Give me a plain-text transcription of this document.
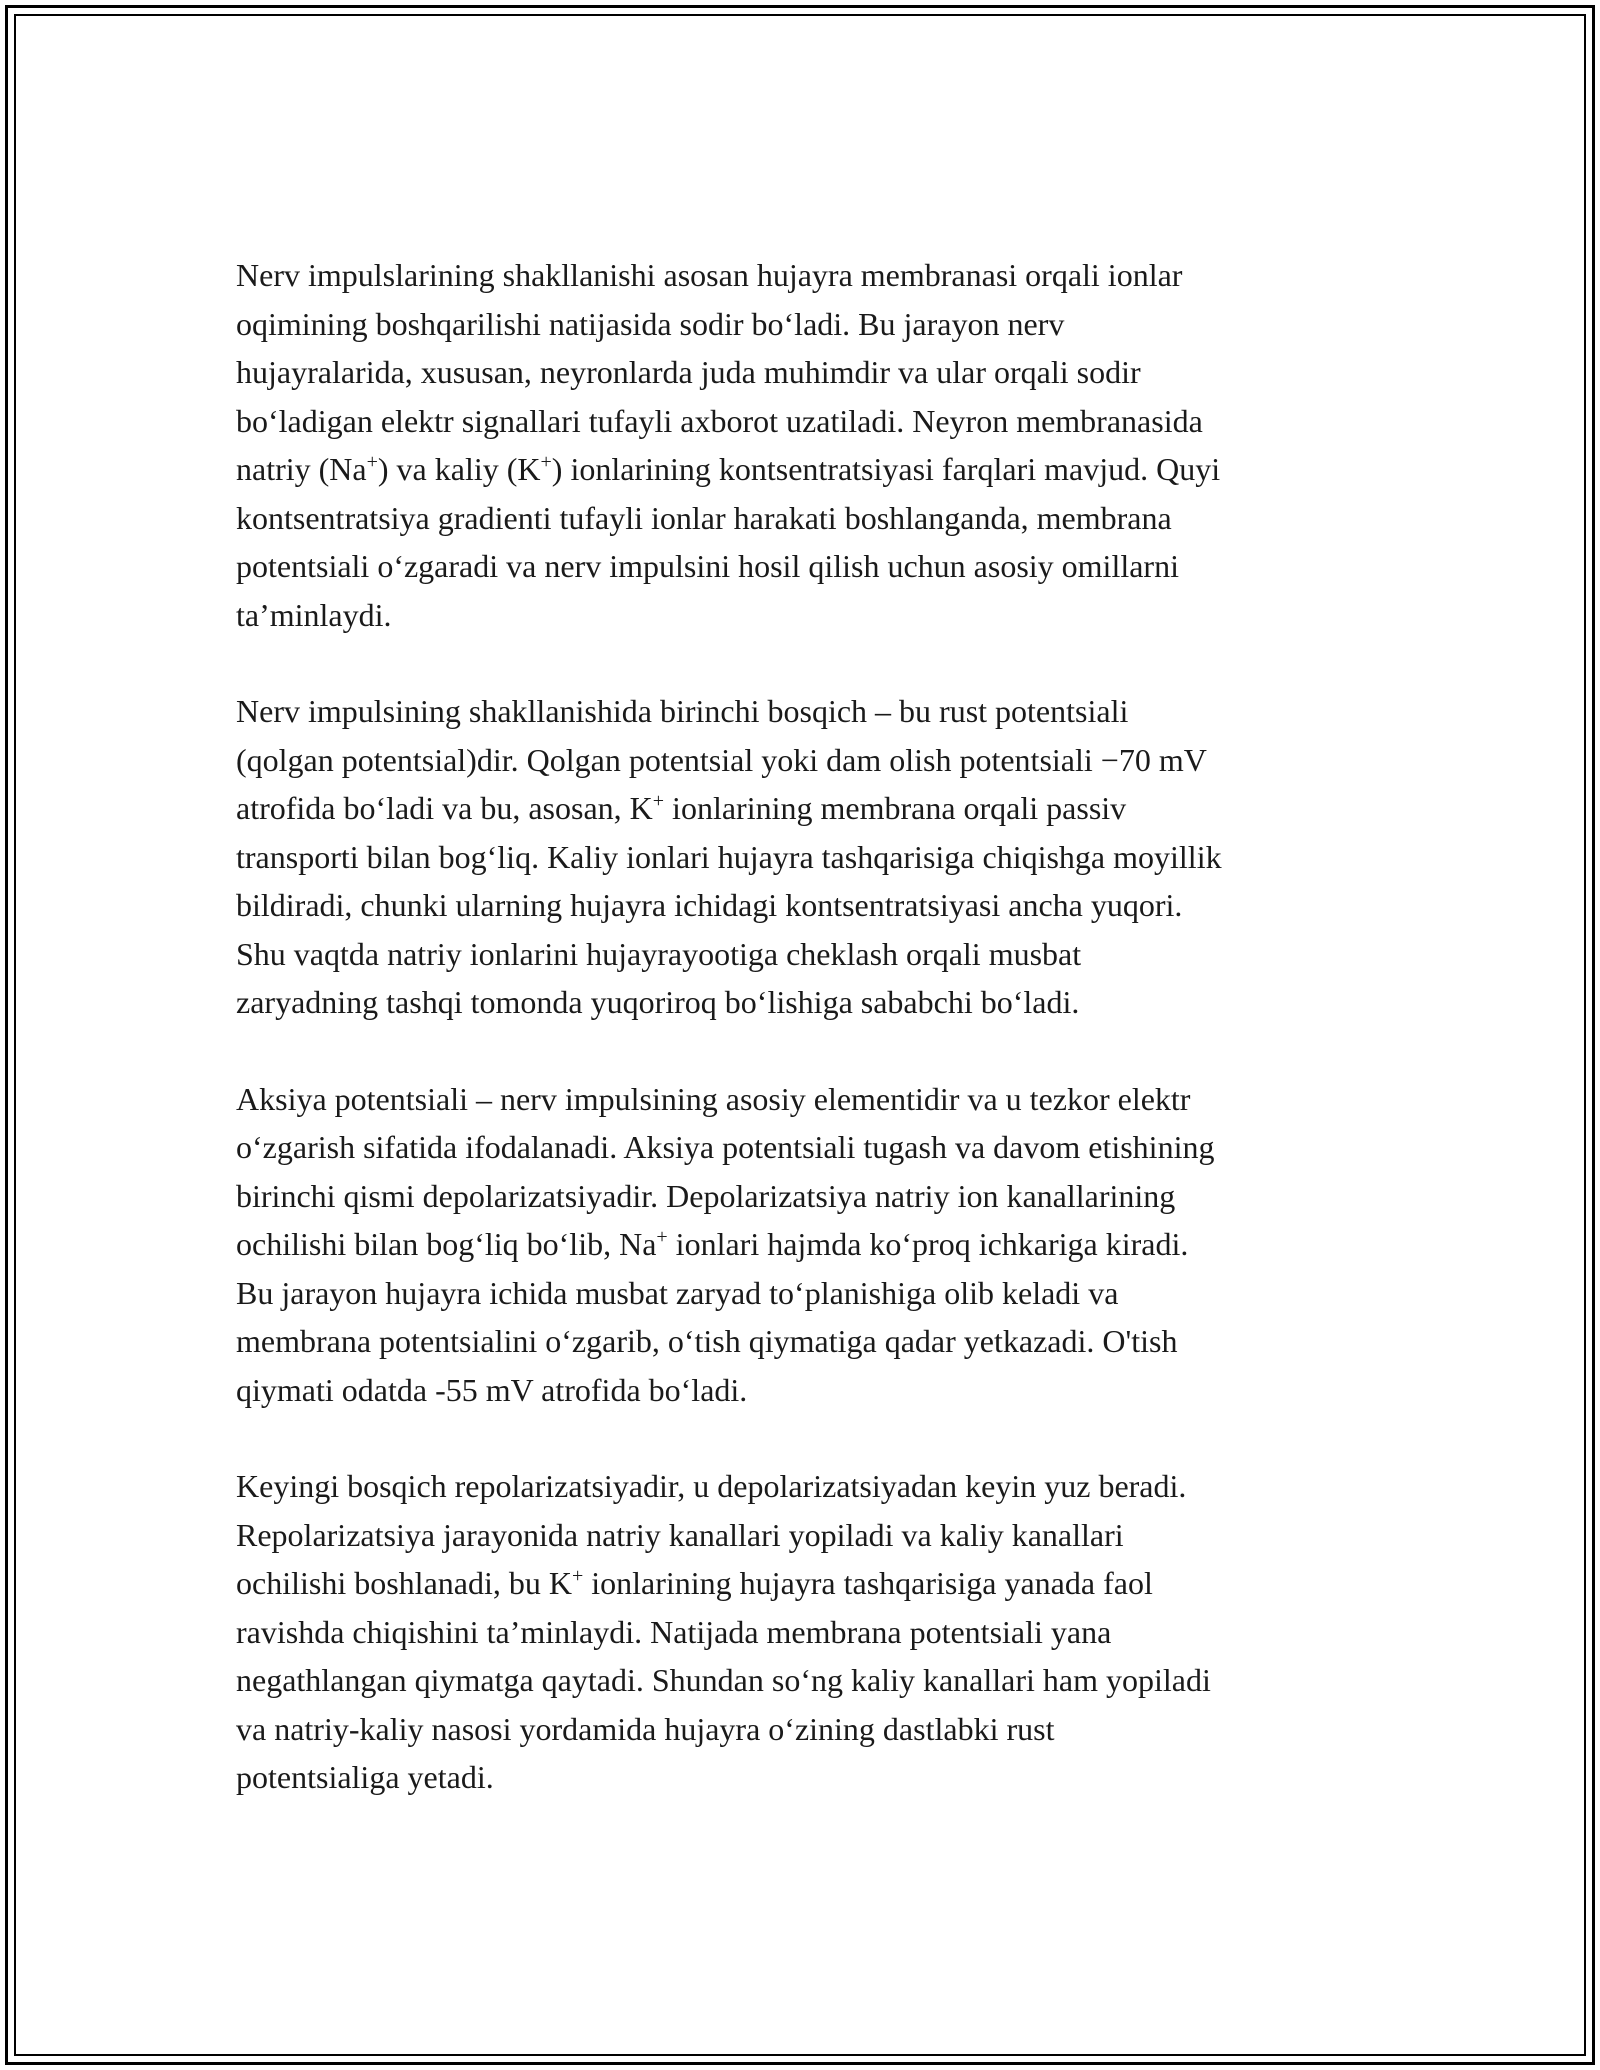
Nerv impulslarining shakllanishi asosan hujayra membranasi orqali ionlar
oqimining boshqarilishi natijasida sodir bo‘ladi. Bu jarayon nerv
hujayralarida, xususan, neyronlarda juda muhimdir va ular orqali sodir
bo‘ladigan elektr signallari tufayli axborot uzatiladi. Neyron membranasida
natriy (Na+) va kaliy (K+) ionlarining kontsentratsiyasi farqlari mavjud. Quyi
kontsentratsiya gradienti tufayli ionlar harakati boshlanganda, membrana
potentsiali o‘zgaradi va nerv impulsini hosil qilish uchun asosiy omillarni
ta’minlaydi.

Nerv impulsining shakllanishida birinchi bosqich – bu rust potentsiali
(qolgan potentsial)dir. Qolgan potentsial yoki dam olish potentsiali −70 mV
atrofida bo‘ladi va bu, asosan, K+ ionlarining membrana orqali passiv
transporti bilan bog‘liq. Kaliy ionlari hujayra tashqarisiga chiqishga moyillik
bildiradi, chunki ularning hujayra ichidagi kontsentratsiyasi ancha yuqori.
Shu vaqtda natriy ionlarini hujayrayootiga cheklash orqali musbat
zaryadning tashqi tomonda yuqoriroq bo‘lishiga sababchi bo‘ladi.

Aksiya potentsiali – nerv impulsining asosiy elementidir va u tezkor elektr
o‘zgarish sifatida ifodalanadi. Aksiya potentsiali tugash va davom etishining
birinchi qismi depolarizatsiyadir. Depolarizatsiya natriy ion kanallarining
ochilishi bilan bog‘liq bo‘lib, Na+ ionlari hajmda ko‘proq ichkariga kiradi.
Bu jarayon hujayra ichida musbat zaryad to‘planishiga olib keladi va
membrana potentsialini o‘zgarib, o‘tish qiymatiga qadar yetkazadi. O'tish
qiymati odatda -55 mV atrofida bo‘ladi.

Keyingi bosqich repolarizatsiyadir, u depolarizatsiyadan keyin yuz beradi.
Repolarizatsiya jarayonida natriy kanallari yopiladi va kaliy kanallari
ochilishi boshlanadi, bu K+ ionlarining hujayra tashqarisiga yanada faol
ravishda chiqishini ta’minlaydi. Natijada membrana potentsiali yana
negathlangan qiymatga qaytadi. Shundan so‘ng kaliy kanallari ham yopiladi
va natriy-kaliy nasosi yordamida hujayra o‘zining dastlabki rust
potentsialiga yetadi.
